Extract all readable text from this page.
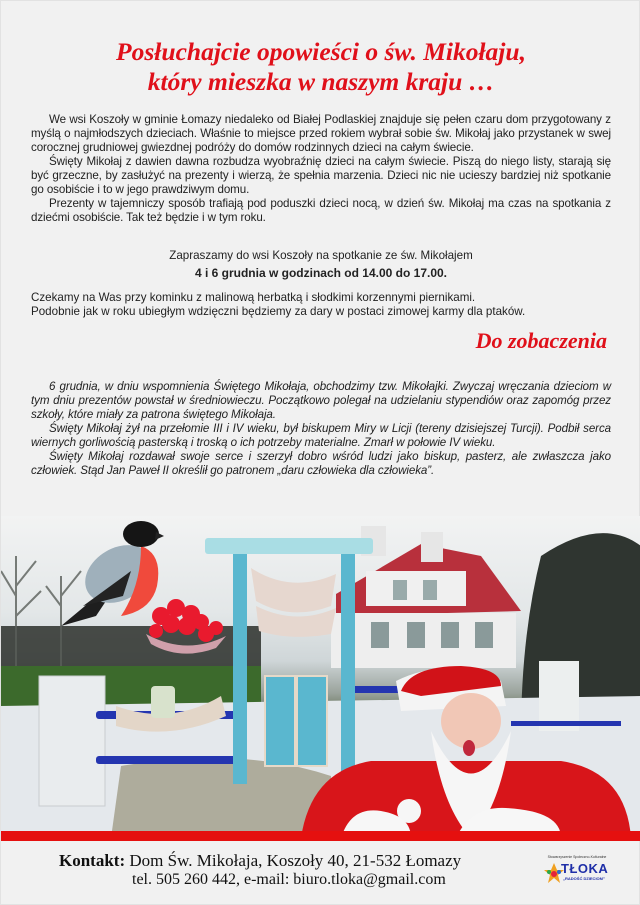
Posłuchajcie opowieści o św. Mikołaju,
który mieszka w naszym kraju …

We wsi Koszoły w gminie Łomazy niedaleko od Białej Podlaskiej znajduje się pełen czaru dom przygotowany z myślą o najmłodszych dzieciach. Właśnie to miejsce przed rokiem wybrał sobie św. Mikołaj jako przystanek w swej corocznej grudniowej gwiezdnej podróży do domów rodzinnych dzieci na całym świecie.

Święty Mikołaj z dawien dawna rozbudza wyobraźnię dzieci na całym świecie. Piszą do niego listy, starają się być grzeczne, by zasłużyć na prezenty i wierzą, że spełnia marzenia. Dzieci nic nie ucieszy bardziej niż spotkanie go osobiście i to w jego prawdziwym domu.

Prezenty w tajemniczy sposób trafiają pod poduszki dzieci nocą, w dzień św. Mikołaj ma czas na spotkania z dziećmi osobiście. Tak też będzie i w tym roku.

Zapraszamy do wsi Koszoły na spotkanie ze św. Mikołajem
4 i 6 grudnia w godzinach od 14.00 do 17.00.
Czekamy na Was przy kominku z malinową herbatką i słodkimi korzennymi piernikami.
Podobnie jak w roku ubiegłym wdzięczni będziemy za dary w postaci zimowej karmy dla ptaków.
Do zobaczenia

6 grudnia, w dniu wspomnienia Świętego Mikołaja, obchodzimy tzw. Mikołajki. Zwyczaj wręczania dzieciom w tym dniu prezentów powstał w średniowieczu. Początkowo polegał na udzielaniu stypendiów oraz zapomóg przez szkoły, które miały za patrona świętego Mikołaja.

Święty Mikołaj żył na przełomie III i IV wieku, był biskupem Miry w Licji (tereny dzisiejszej Turcji). Podbił serca wiernych gorliwością pasterską i troską o ich potrzeby materialne. Zmarł w połowie IV wieku.

Święty Mikołaj rozdawał swoje serce i szerzył dobro wśród ludzi jako biskup, pasterz, ale zwłaszcza jako człowiek. Stąd Jan Paweł II określił go patronem „daru człowieka dla człowieka”.

Kontakt: Dom Św. Mikołaja, Koszoły 40, 21-532 Łomazy
tel. 505 260 442, e-mail: biuro.tloka@gmail.com
Stowarzyszenie Społeczno-Kulturalne
TŁOKA
„RADOŚĆ DZIECIOM”
